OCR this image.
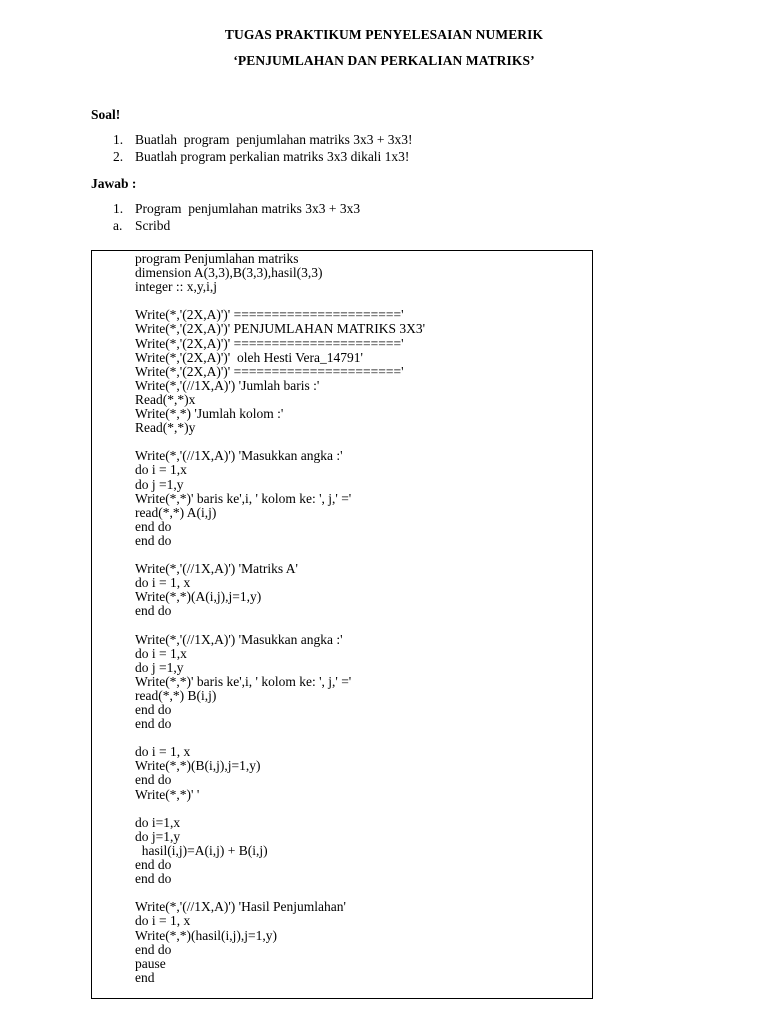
TUGAS PRAKTIKUM PENYELESAIAN NUMERIK
‘PENJUMLAHAN DAN PERKALIAN MATRIKS’
Soal!
1. Buatlah  program  penjumlahan matriks 3x3 + 3x3!
2. Buatlah program perkalian matriks 3x3 dikali 1x3!
Jawab :
1. Program  penjumlahan matriks 3x3 + 3x3
a. Scribd
program Penjumlahan matriks
dimension A(3,3),B(3,3),hasil(3,3)
integer :: x,y,i,j
Write(*,'(2X,A)')' ======================'
Write(*,'(2X,A)')' PENJUMLAHAN MATRIKS 3X3'
Write(*,'(2X,A)')' ======================'
Write(*,'(2X,A)')'  oleh Hesti Vera_14791'
Write(*,'(2X,A)')' ======================'
Write(*,'(//1X,A)') 'Jumlah baris :'
Read(*,*)x
Write(*,*) 'Jumlah kolom :'
Read(*,*)y
Write(*,'(//1X,A)') 'Masukkan angka :'
do i = 1,x
do j =1,y
Write(*,*)' baris ke',i, ' kolom ke: ', j,' ='
read(*,*) A(i,j)
end do
end do
Write(*,'(//1X,A)') 'Matriks A'
do i = 1, x
Write(*,*)(A(i,j),j=1,y)
end do
Write(*,'(//1X,A)') 'Masukkan angka :'
do i = 1,x
do j =1,y
Write(*,*)' baris ke',i, ' kolom ke: ', j,' ='
read(*,*) B(i,j)
end do
end do
do i = 1, x
Write(*,*)(B(i,j),j=1,y)
end do
Write(*,*)' '
do i=1,x
do j=1,y
hasil(i,j)=A(i,j) + B(i,j)
end do
end do
Write(*,'(//1X,A)') 'Hasil Penjumlahan'
do i = 1, x
Write(*,*)(hasil(i,j),j=1,y)
end do
pause
end
